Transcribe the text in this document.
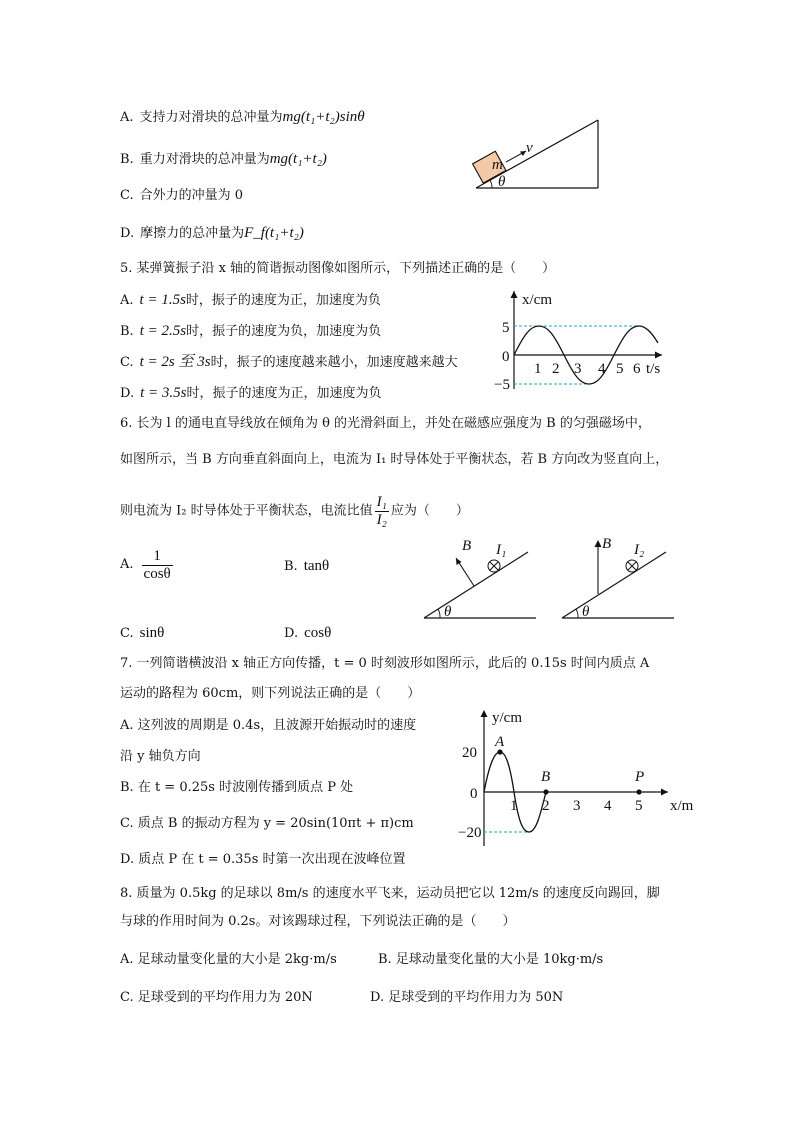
A. 支持力对滑块的总冲量为mg(t₁+t₂)sinθ
B. 重力对滑块的总冲量为mg(t₁+t₂)
C. 合外力的冲量为 0
D. 摩擦力的总冲量为F_f(t₁+t₂)
m
v
θ
5. 某弹簧振子沿 x 轴的简谐振动图像如图所示，下列描述正确的是（　　）
A. t = 1.5s时，振子的速度为正，加速度为负
B. t = 2.5s时，振子的速度为负，加速度为负
C. t = 2s 至 3s时，振子的速度越来越小，加速度越来越大
D. t = 3.5s时，振子的速度为正，加速度为负
x/cm
t/s
5
−5
0
1 2 3 4 5 6
6. 长为 l 的通电直导线放在倾角为 θ 的光滑斜面上，并处在磁感应强度为 B 的匀强磁场中，
如图所示，当 B 方向垂直斜面向上，电流为 I₁ 时导体处于平衡状态，若 B 方向改为竖直向上，
则电流为 I₂ 时导体处于平衡状态，电流比值 $\frac{\text{I₁}}{\text{I₂}}$ 应为（　　）
A. $\frac{1}{\cos\theta}$	B. tanθ
C. sinθ	D. cosθ
θ
B I₁
θ
B I₂
7. 一列简谐横波沿 x 轴正方向传播，t = 0 时刻波形如图所示，此后的 0.15s 时间内质点 A
运动的路程为 60cm，则下列说法正确的是（　　）
A. 这列波的周期是 0.4s，且波源开始振动时的速度
沿 y 轴负方向
B. 在 t = 0.25s 时波刚传播到质点 P 处
C. 质点 B 的振动方程为 y = 20sin(10πt + π)cm
D. 质点 P 在 t = 0.35s 时第一次出现在波峰位置
y/cm
x/m
20
−20
0
A
B	P
1 2 3 4 5
8. 质量为 0.5kg 的足球以 8m/s 的速度水平飞来，运动员把它以 12m/s 的速度反向踢回，脚
与球的作用时间为 0.2s。对该踢球过程，下列说法正确的是（　　）
A. 足球动量变化量的大小是 2kg·m/s	B. 足球动量变化量的大小是 10kg·m/s
C. 足球受到的平均作用力为 20N	D. 足球受到的平均作用力为 50N
